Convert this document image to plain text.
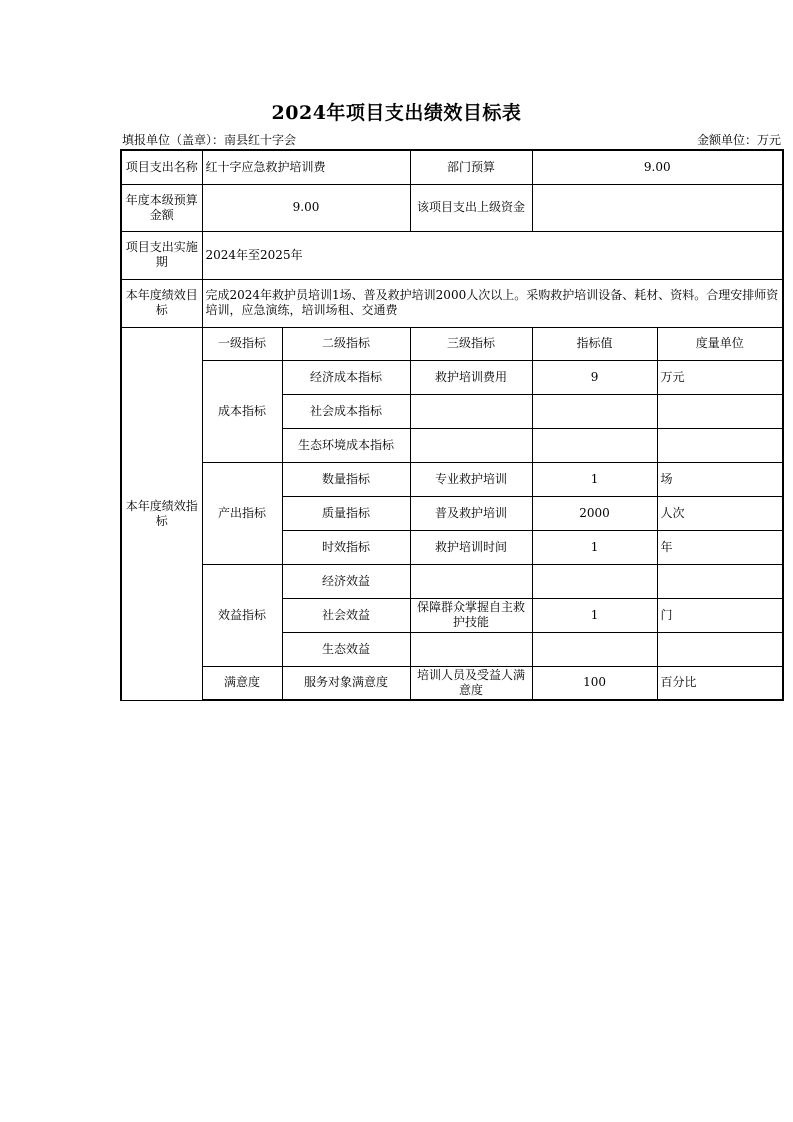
2024年项目支出绩效目标表
填报单位（盖章）：南县红十字会	金额单位：万元
项目支出名称	红十字应急救护培训费		部门预算	9.00	
年度本级预算金额	9.00		该项目支出上级资金		
项目支出实施期	2024年至2025年				
本年度绩效目标	完成2024年救护员培训1场、普及救护培训2000人次以上。采购救护培训设备、耗材、资料。合理安排师资培训，应急演练，培训场租、交通费				
本年度绩效指标	一级指标	二级指标	三级指标	指标值	度量单位
	成本指标	经济成本指标	救护培训费用	9	万元
		社会成本指标			
		生态环境成本指标			
	产出指标	数量指标	专业救护培训	1	场
		质量指标	普及救护培训	2000	人次
		时效指标	救护培训时间	1	年
	效益指标	经济效益			
		社会效益	保障群众掌握自主救护技能	1	门
		生态效益			
	满意度	服务对象满意度	培训人员及受益人满意度	100	百分比
